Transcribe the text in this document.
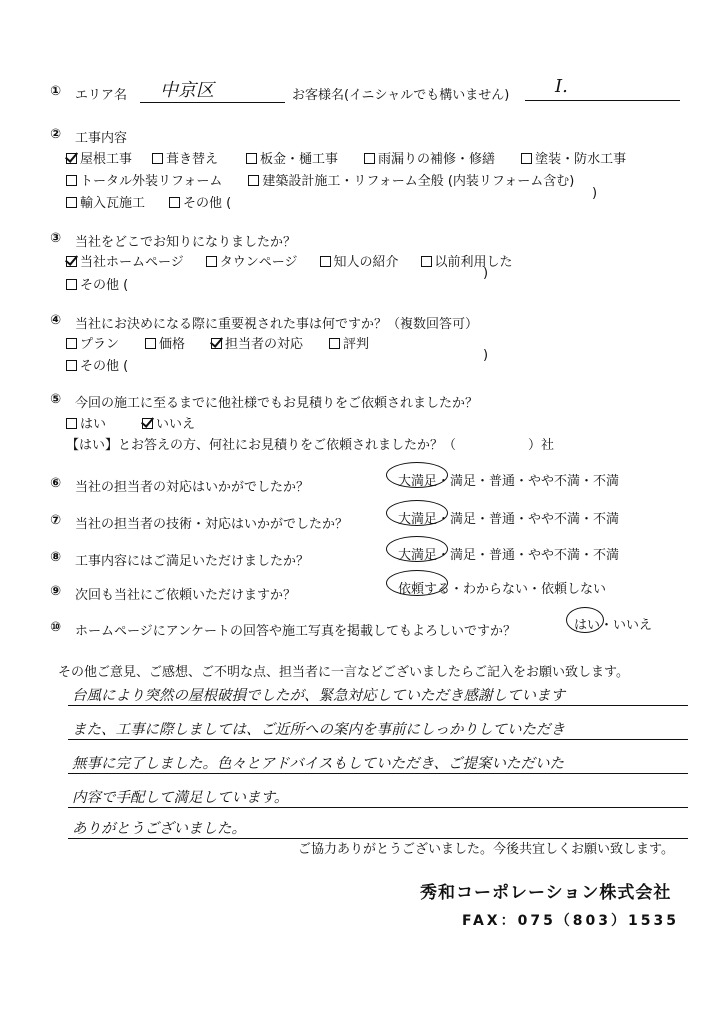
① エリア名 中京区	お客様名(イニシャルでも構いません)	I.
② 工事内容
屋根工事	葺き替え	板金・樋工事	雨漏りの補修・修繕	塗装・防水工事
トータル外装リフォーム	建築設計施工・リフォーム全般 (内装リフォーム含む)
輸入瓦施工	その他 (
)
③ 当社をどこでお知りになりましたか？
当社ホームページ	タウンページ	知人の紹介	以前利用した
その他 (
)
④ 当社にお決めになる際に重要視された事は何ですか？（複数回答可）
プラン	価格	担当者の対応	評判
その他 (
)
⑤ 今回の施工に至るまでに他社様でもお見積りをご依頼されましたか？
はい	いいえ
【はい】とお答えの方、何社にお見積りをご依頼されましたか？（	）社
⑥ 当社の担当者の対応はいかがでしたか？	大満足・満足・普通・やや不満・不満
⑦ 当社の担当者の技術・対応はいかがでしたか？	大満足・満足・普通・やや不満・不満
⑧ 工事内容にはご満足いただけましたか？	大満足・満足・普通・やや不満・不満
⑨ 次回も当社にご依頼いただけますか？	依頼する・わからない・依頼しない
⑩ ホームページにアンケートの回答や施工写真を掲載してもよろしいですか？	はい・いいえ
その他ご意見、ご感想、ご不明な点、担当者に一言などございましたらご記入をお願い致します。
台風により突然の屋根破損でしたが、緊急対応していただき感謝しています
また、工事に際しましては、ご近所への案内を事前にしっかりしていただき
無事に完了しました。色々とアドバイスもしていただき、ご提案いただいた
内容で手配して満足しています。
ありがとうございました。
ご協力ありがとうございました。今後共宜しくお願い致します。
秀和コーポレーション株式会社
FAX：075（803）1535
